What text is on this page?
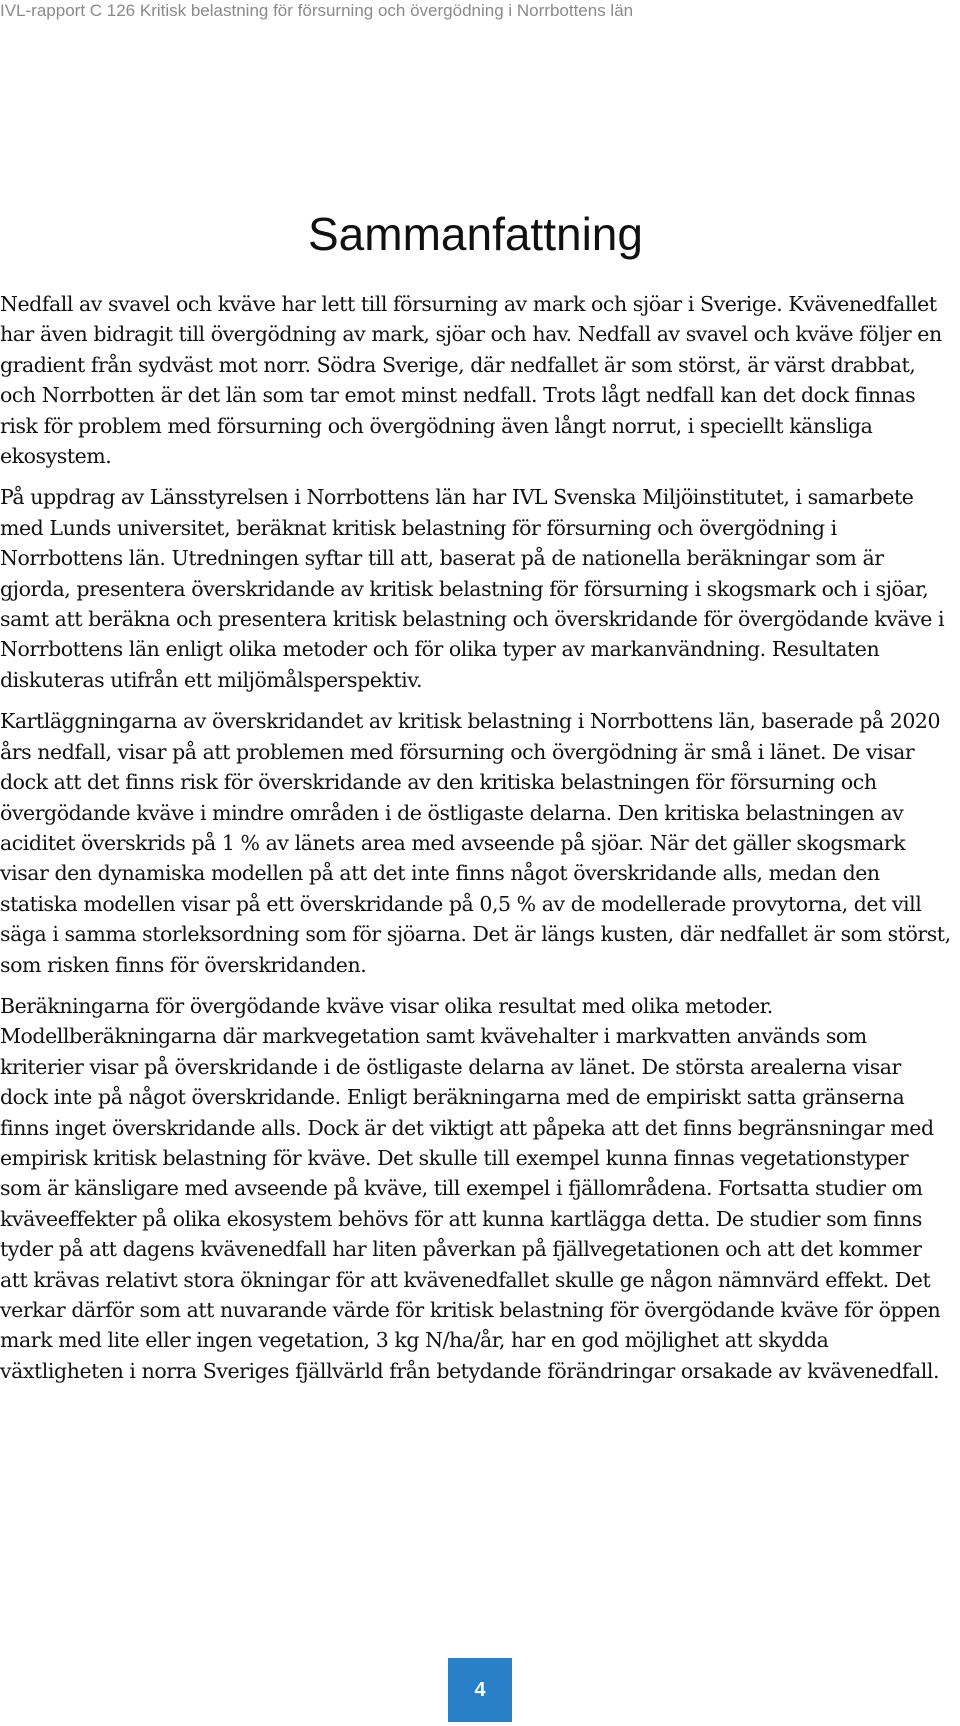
IVL-rapport C 126 Kritisk belastning för försurning och övergödning i Norrbottens län
Sammanfattning

Nedfall av svavel och kväve har lett till försurning av mark och sjöar i Sverige. Kvävenedfallet har även bidragit till övergödning av mark, sjöar och hav. Nedfall av svavel och kväve följer en gradient från sydväst mot norr. Södra Sverige, där nedfallet är som störst, är värst drabbat, och Norrbotten är det län som tar emot minst nedfall. Trots lågt nedfall kan det dock finnas risk för problem med försurning och övergödning även långt norrut, i speciellt känsliga ekosystem.

På uppdrag av Länsstyrelsen i Norrbottens län har IVL Svenska Miljöinstitutet, i samarbete med Lunds universitet, beräknat kritisk belastning för försurning och övergödning i Norrbottens län. Utredningen syftar till att, baserat på de nationella beräkningar som är gjorda, presentera överskridande av kritisk belastning för försurning i skogsmark och i sjöar, samt att beräkna och presentera kritisk belastning och överskridande för övergödande kväve i Norrbottens län enligt olika metoder och för olika typer av markanvändning. Resultaten diskuteras utifrån ett miljömålsperspektiv.

Kartläggningarna av överskridandet av kritisk belastning i Norrbottens län, baserade på 2020 års nedfall, visar på att problemen med försurning och övergödning är små i länet. De visar dock att det finns risk för överskridande av den kritiska belastningen för försurning och övergödande kväve i mindre områden i de östligaste delarna. Den kritiska belastningen av aciditet överskrids på 1 % av länets area med avseende på sjöar. När det gäller skogsmark visar den dynamiska modellen på att det inte finns något överskridande alls, medan den statiska modellen visar på ett överskridande på 0,5 % av de modellerade provytorna, det vill säga i samma storleksordning som för sjöarna. Det är längs kusten, där nedfallet är som störst, som risken finns för överskridanden.

Beräkningarna för övergödande kväve visar olika resultat med olika metoder. Modellberäkningarna där markvegetation samt kvävehalter i markvatten används som kriterier visar på överskridande i de östligaste delarna av länet. De största arealerna visar dock inte på något överskridande. Enligt beräkningarna med de empiriskt satta gränserna finns inget överskridande alls. Dock är det viktigt att påpeka att det finns begränsningar med empirisk kritisk belastning för kväve. Det skulle till exempel kunna finnas vegetationstyper som är känsligare med avseende på kväve, till exempel i fjällområdena. Fortsatta studier om kväveeffekter på olika ekosystem behövs för att kunna kartlägga detta. De studier som finns tyder på att dagens kvävenedfall har liten påverkan på fjällvegetationen och att det kommer att krävas relativt stora ökningar för att kvävenedfallet skulle ge någon nämnvärd effekt. Det verkar därför som att nuvarande värde för kritisk belastning för övergödande kväve för öppen mark med lite eller ingen vegetation, 3 kg N/ha/år, har en god möjlighet att skydda växtligheten i norra Sveriges fjällvärld från betydande förändringar orsakade av kvävenedfall.

4
